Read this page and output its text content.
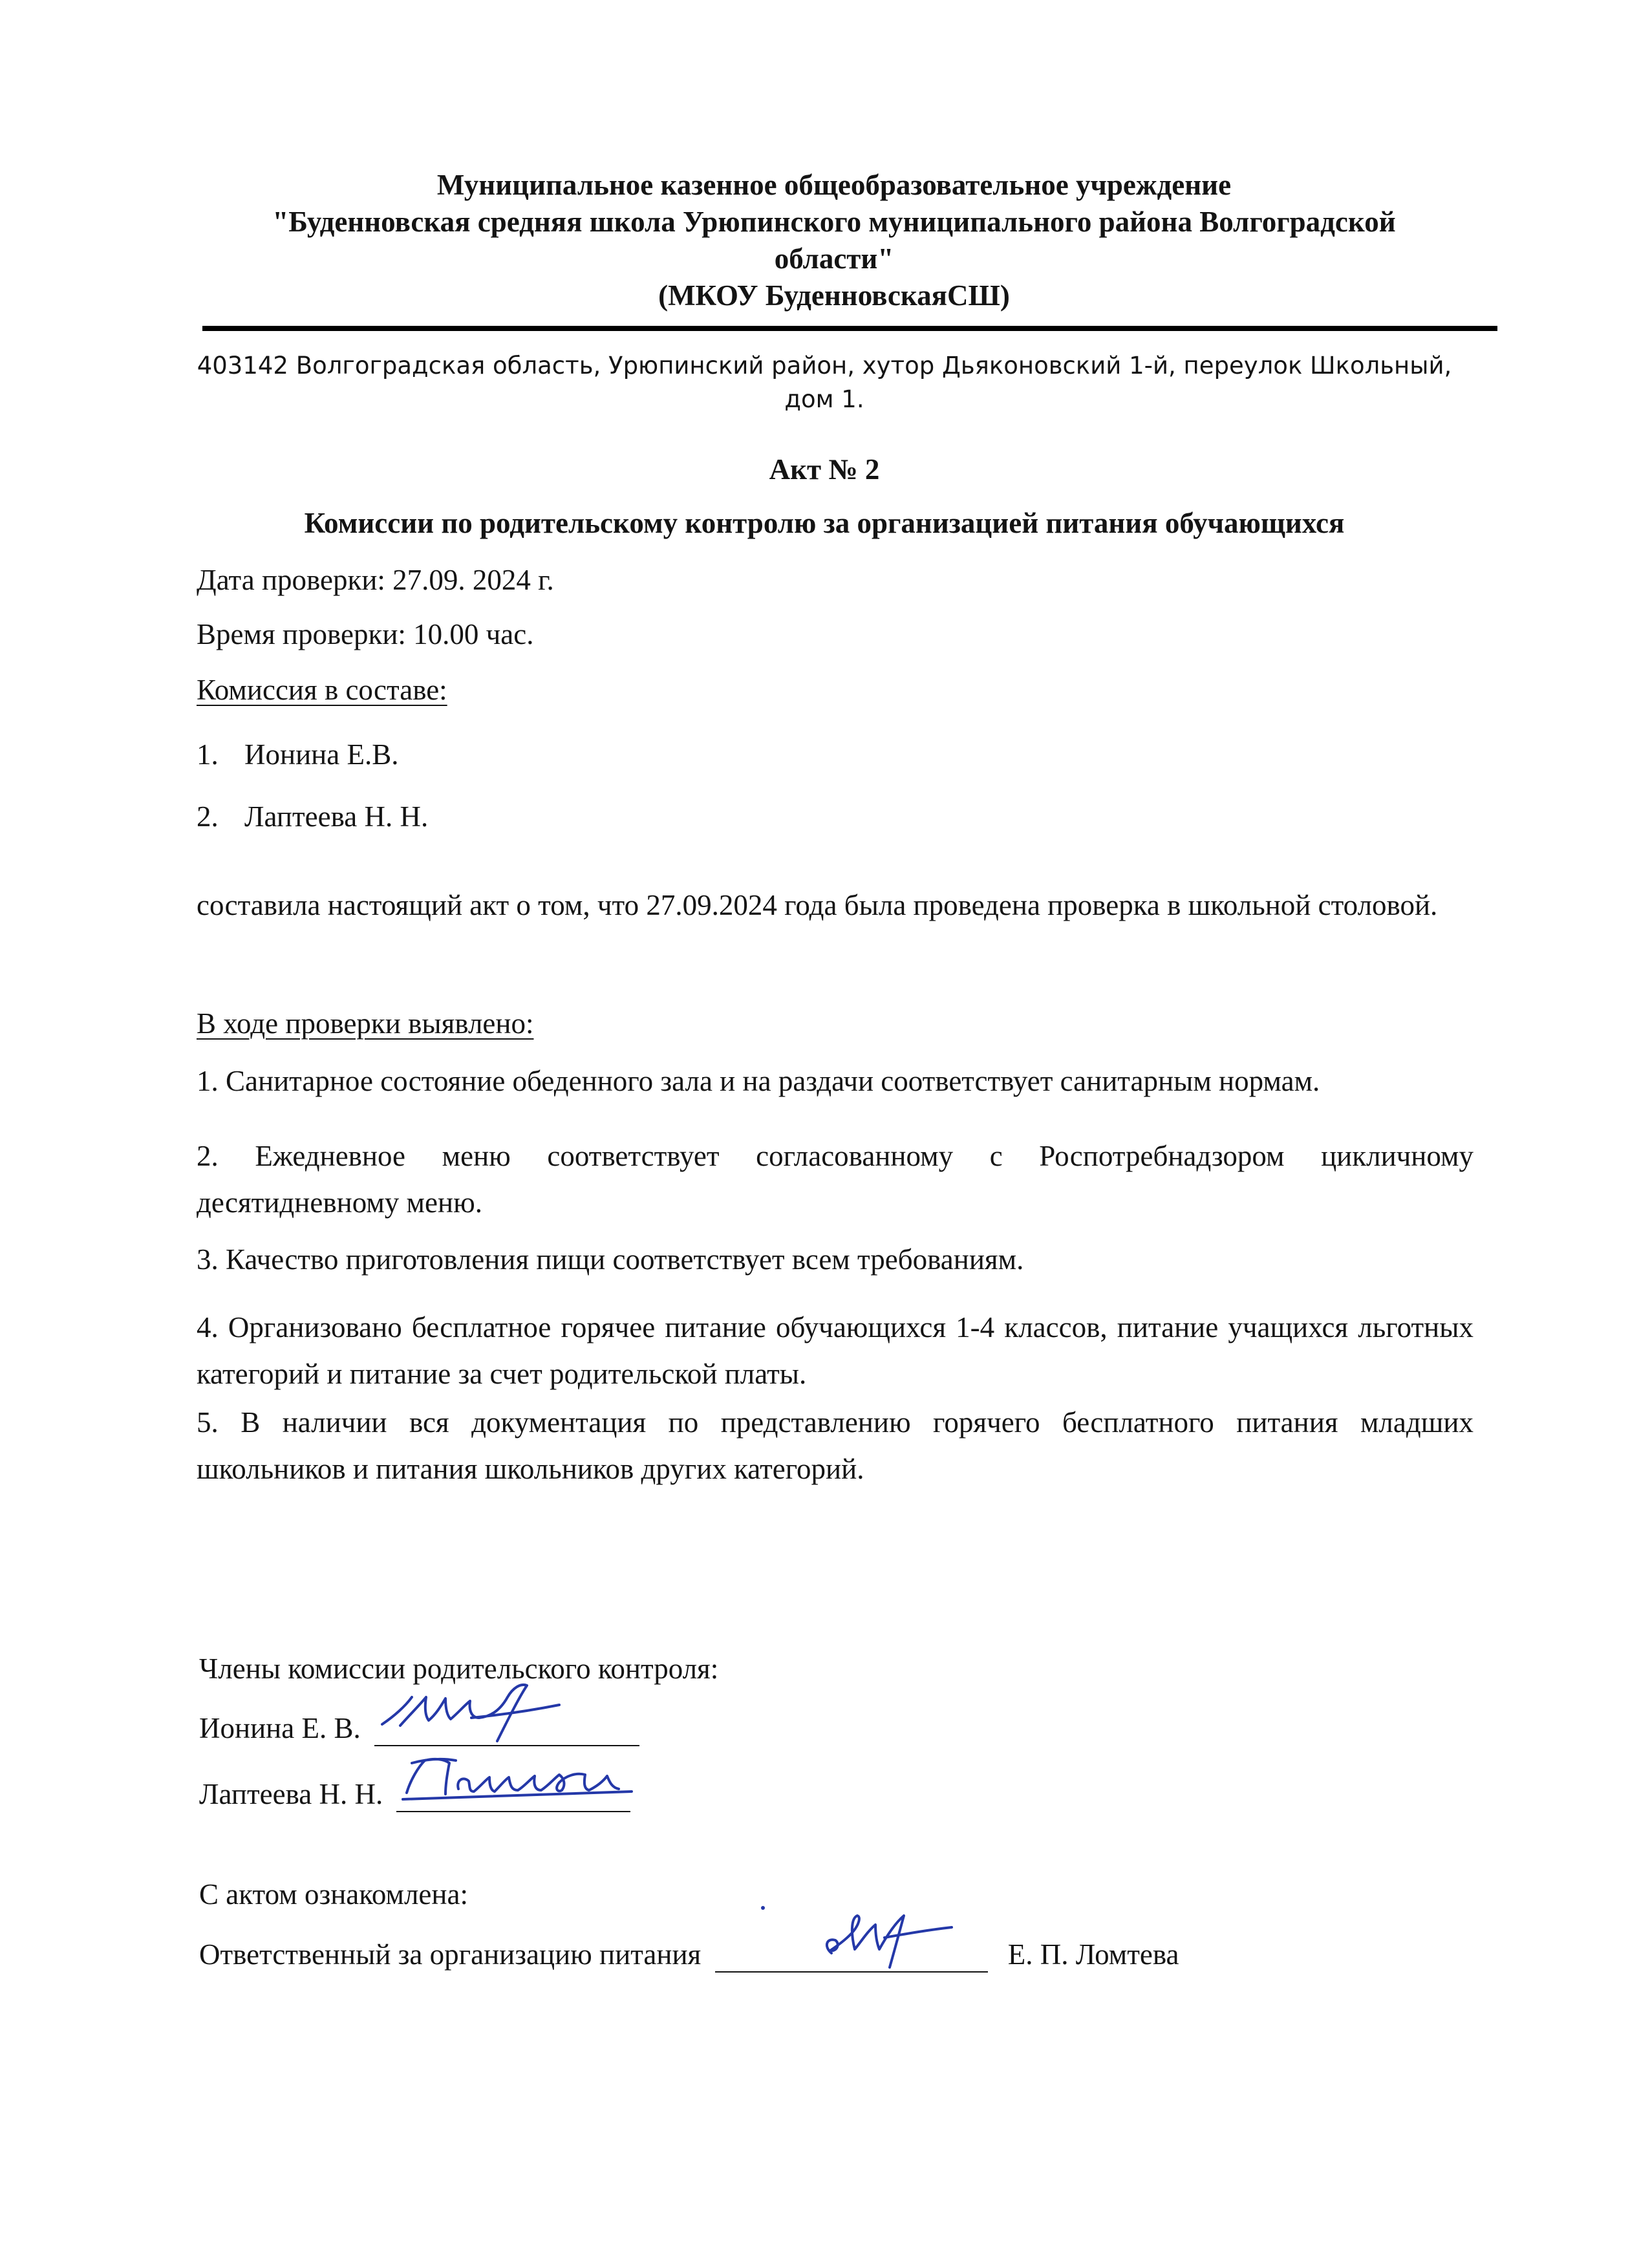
Муниципальное казенное общеобразовательное учреждение
"Буденновская средняя школа Урюпинского муниципального района Волгоградской
области"
(МКОУ БуденновскаяСШ)
403142 Волгоградская область, Урюпинский район, хутор Дьяконовский 1-й, переулок Школьный,
дом 1.
Акт № 2
Комиссии по родительскому контролю за организацией питания обучающихся
Дата проверки: 27.09. 2024 г.
Время проверки: 10.00 час.
Комиссия в составе:
1. Ионина Е.В.
2. Лаптеева Н. Н.
составила настоящий акт о том, что 27.09.2024 года была проведена проверка в школьной столовой.
В ходе проверки выявлено:
1. Санитарное состояние обеденного зала и на раздачи соответствует санитарным нормам.
2. Ежедневное меню соответствует согласованному с Роспотребнадзором цикличному десятидневному меню.
3. Качество приготовления пищи соответствует всем требованиям.
4. Организовано бесплатное горячее питание обучающихся 1-4 классов, питание учащихся льготных категорий и питание за счет родительской платы.
5. В наличии вся документация по представлению горячего бесплатного питания младших школьников и питания школьников других категорий.
Члены комиссии родительского контроля:
Ионина Е. В.
Лаптеева Н. Н.
С актом ознакомлена:
Ответственный за организацию питания	Е. П. Ломтева
